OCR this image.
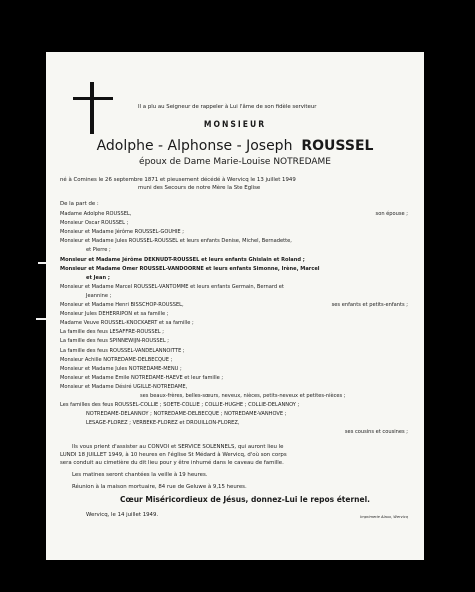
Il a plu au Seigneur de rappeler à Lui l'âme de son fidèle serviteur
MONSIEUR
Adolphe - Alphonse - Joseph ROUSSEL
époux de Dame Marie-Louise NOTREDAME
né à Comines le 26 septembre 1871 et pieusement décédé à Wervicq le 13 juillet 1949
muni des Secours de notre Mère la Ste Eglise
De la part de :
Madame Adolphe ROUSSEL,	son épouse ;
Monsieur Oscar ROUSSEL ;
Monsieur et Madame Jérôme ROUSSEL-GOUHIE ;
Monsieur et Madame Jules ROUSSEL-ROUSSEL et leurs enfants Denise, Michel, Bernadette,
et Pierre ;
Monsieur et Madame Jérôme DEKNUDT-ROUSSEL et leurs enfants Ghislain et Roland ;
Monsieur et Madame Omer ROUSSEL-VANDOORNE et leurs enfants Simonne, Irène, Marcel
et Jean ;
Monsieur et Madame Marcel ROUSSEL-VANTOMME et leurs enfants Germain, Bernard et
Jeannine ;
Monsieur et Madame Henri BISSCHOP-ROUSSEL,	ses enfants et petits-enfants ;
Monsieur Jules DEHERRIPON et sa famille ;
Madame Veuve ROUSSEL-KNOCKAERT et sa famille ;
La famille des feus LESAFFRE-ROUSSEL ;
La famille des feus SPINNEWIJN-ROUSSEL ;
La famille des feus ROUSSEL-VANDELANNOITTE ;
Monsieur Achille NOTREDAME-DELBECQUE ;
Monsieur et Madame Jules NOTREDAME-MENU ;
Monsieur et Madame Emile NOTREDAME-HAEVE et leur famille ;
Monsieur et Madame Désiré UGILLE-NOTREDAME,
ses beaux-frères, belles-sœurs, neveux, nièces, petits-neveux et petites-nièces ;
Les familles des feus ROUSSEL-COLLIE ; SOETE-COLLIE ; COLLIE-HUGHE ; COLLIE-DELANNOY ;
NOTREDAME-DELANNOY ; NOTREDAME-DELBECQUE ; NOTREDAME-VANHOVE ;
LESAGE-FLOREZ ; VERBEKE-FLOREZ et DROUILLON-FLOREZ,
ses cousins et cousines ;
Ils vous prient d'assister au CONVOI et SERVICE SOLENNELS, qui auront lieu le
LUNDI 18 JUILLET 1949, à 10 heures en l'église St Médard à Wervicq, d'où son corps
sera conduit au cimetière du dit lieu pour y être inhumé dans le caveau de famille.
Les matines seront chantées la veille à 19 heures.
Réunion à la maison mortuaire, 84 rue de Geluwe à 9,15 heures.
Cœur Miséricordieux de Jésus, donnez-Lui le repos éternel.
Wervicq, le 14 juillet 1949.	Imprimerie Alaux, Wervicq
